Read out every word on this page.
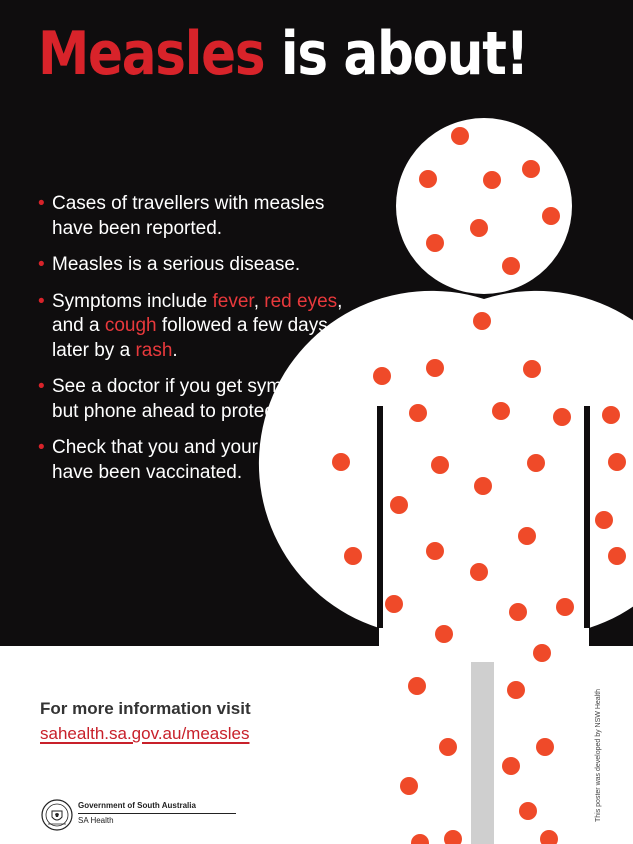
Measles is about!
• Cases of travellers with measles have been reported.
• Measles is a serious disease.
• Symptoms include fever, red eyes, and a cough followed a few days later by a rash.
• See a doctor if you get symptoms but phone ahead to protect others.
• Check that you and your friends have been vaccinated.
For more information visit
sahealth.sa.gov.au/measles
Government of South Australia
SA Health	This poster was developed by NSW Health
